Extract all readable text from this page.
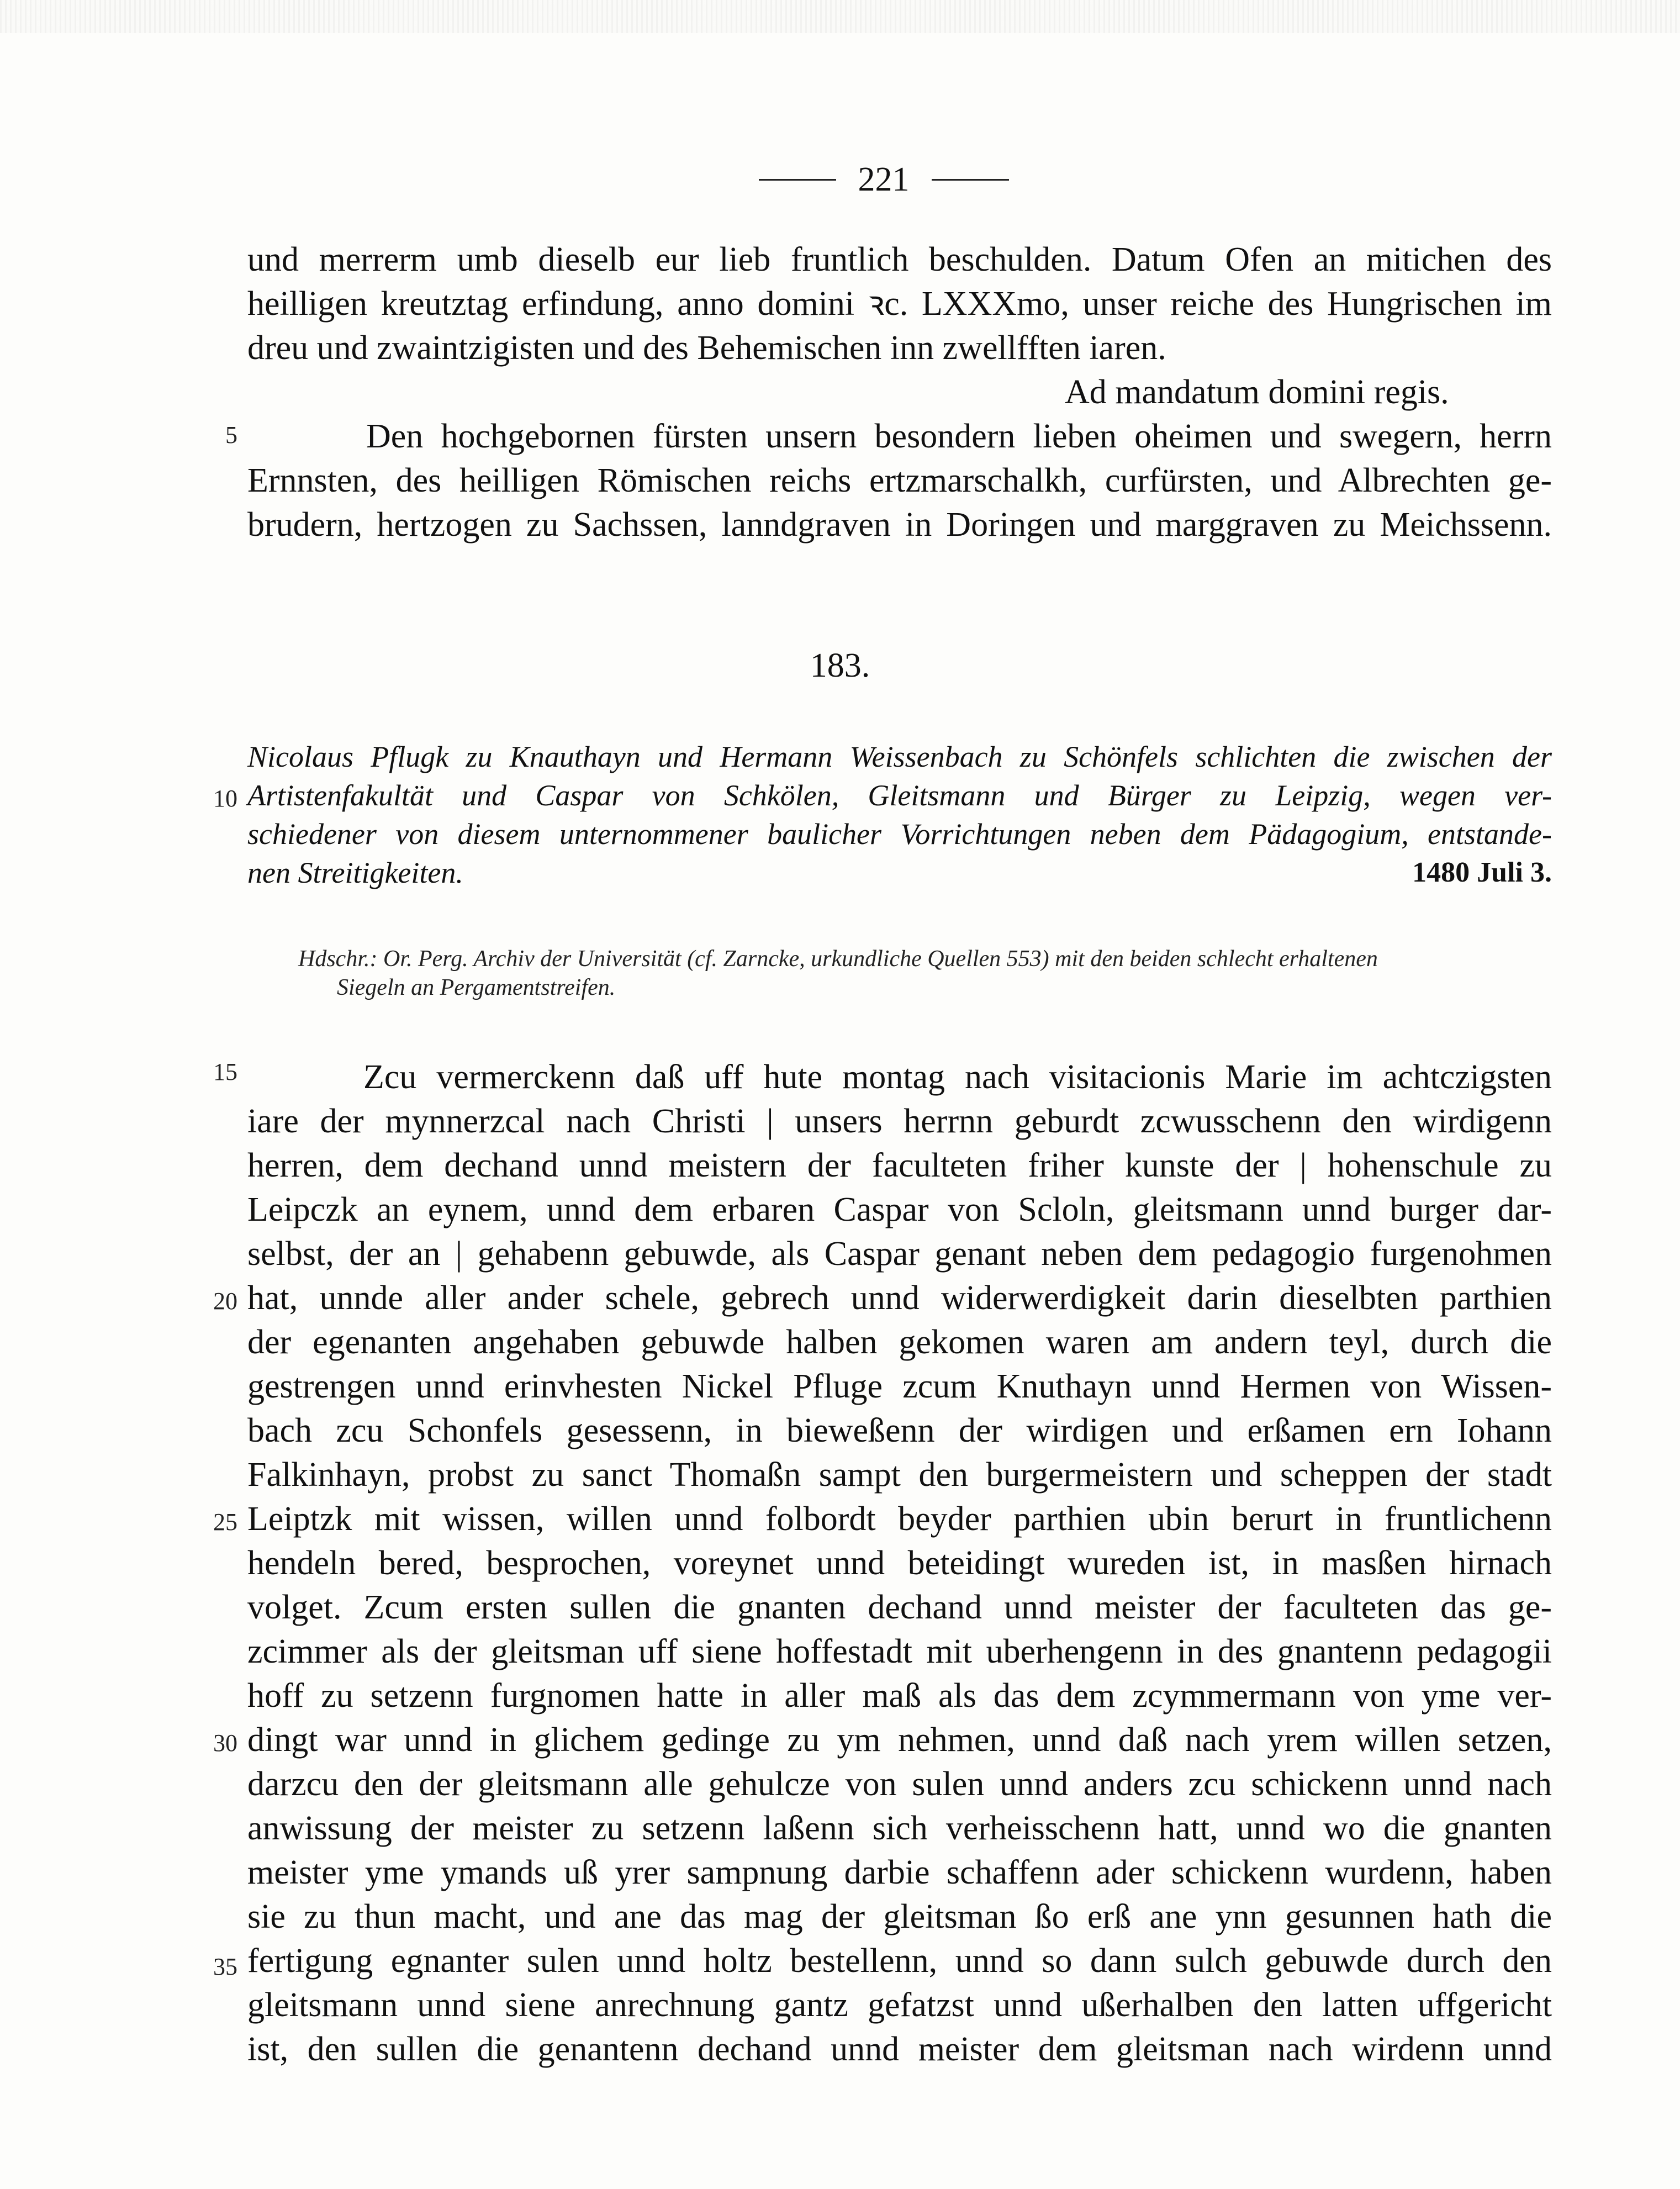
221
und merrerm umb dieselb eur lieb fruntlich beschulden. Datum Ofen an mitichen des
heilligen kreutztag erfindung, anno domini ꝛc. LXXXmo, unser reiche des Hungrischen im
dreu und zwaintzigisten und des Behemischen inn zwellfften iaren.
Ad mandatum domini regis.
Den hochgebornen fürsten unsern besondern lieben oheimen und swegern, herrn
Ernnsten, des heilligen Römischen reichs ertzmarschalkh, curfürsten, und Albrechten ge-
brudern, hertzogen zu Sachssen, lanndgraven in Doringen und marggraven zu Meichssenn.
5
10
15
20
25
30
35
183.
Nicolaus Pflugk zu Knauthayn und Hermann Weissenbach zu Schönfels schlichten die zwischen der
Artistenfakultät und Caspar von Schkölen, Gleitsmann und Bürger zu Leipzig, wegen ver-
schiedener von diesem unternommener baulicher Vorrichtungen neben dem Pädagogium, entstande-
nen Streitigkeiten.	1480 Juli 3.
Hdschr.: Or. Perg. Archiv der Universität (cf. Zarncke, urkundliche Quellen 553) mit den beiden schlecht erhaltenen
Siegeln an Pergamentstreifen.
Zcu vermerckenn daß uff hute montag nach visitacionis Marie im achtczigsten
iare der mynnerzcal nach Christi | unsers herrnn geburdt zcwusschenn den wirdigenn
herren, dem dechand unnd meistern der faculteten friher kunste der | hohenschule zu
Leipczk an eynem, unnd dem erbaren Caspar von Scloln, gleitsmann unnd burger dar-
selbst, der an | gehabenn gebuwde, als Caspar genant neben dem pedagogio furgenohmen
hat, unnde aller ander schele, gebrech unnd widerwerdigkeit darin dieselbten parthien
der egenanten angehaben gebuwde halben gekomen waren am andern teyl, durch die
gestrengen unnd erinvhesten Nickel Pfluge zcum Knuthayn unnd Hermen von Wissen-
bach zcu Schonfels gesessenn, in bieweßenn der wirdigen und erßamen ern Iohann
Falkinhayn, probst zu sanct Thomaßn sampt den burgermeistern und scheppen der stadt
Leiptzk mit wissen, willen unnd folbordt beyder parthien ubin berurt in fruntlichenn
hendeln bered, besprochen, voreynet unnd beteidingt wureden ist, in masßen hirnach
volget. Zcum ersten sullen die gnanten dechand unnd meister der faculteten das ge-
zcimmer als der gleitsman uff siene hoffestadt mit uberhengenn in des gnantenn pedagogii
hoff zu setzenn furgnomen hatte in aller maß als das dem zcymmermann von yme ver-
dingt war unnd in glichem gedinge zu ym nehmen, unnd daß nach yrem willen setzen,
darzcu den der gleitsmann alle gehulcze von sulen unnd anders zcu schickenn unnd nach
anwissung der meister zu setzenn laßenn sich verheisschenn hatt, unnd wo die gnanten
meister yme ymands uß yrer sampnung darbie schaffenn ader schickenn wurdenn, haben
sie zu thun macht, und ane das mag der gleitsman ßo erß ane ynn gesunnen hath die
fertigung egnanter sulen unnd holtz bestellenn, unnd so dann sulch gebuwde durch den
gleitsmann unnd siene anrechnung gantz gefatzst unnd ußerhalben den latten uffgericht
ist, den sullen die genantenn dechand unnd meister dem gleitsman nach wirdenn unnd
